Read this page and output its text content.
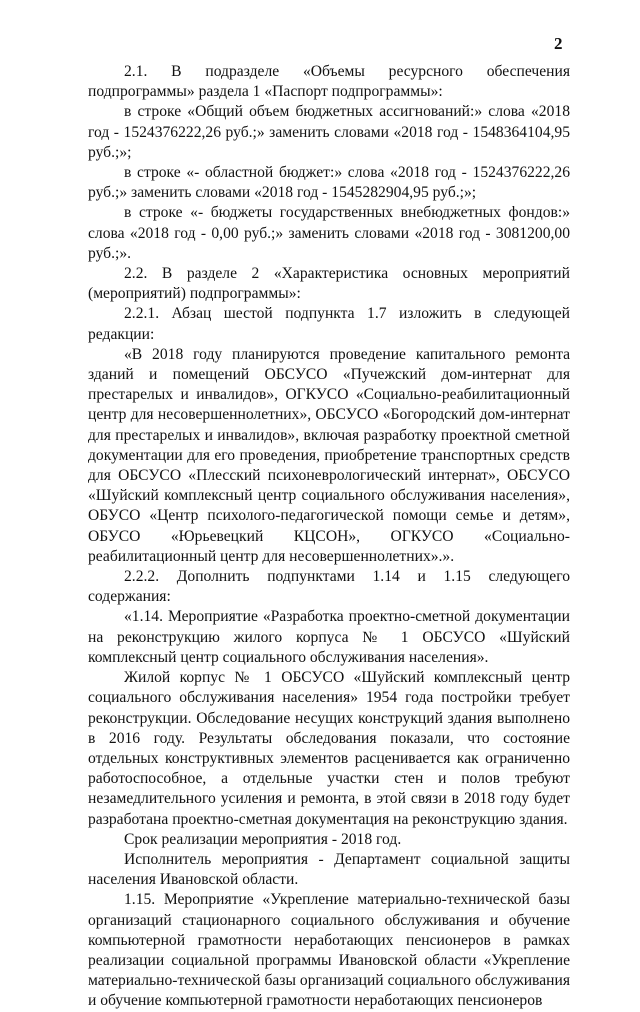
2

2.1. В подразделе «Объемы ресурсного обеспечения подпрограммы» раздела 1 «Паспорт подпрограммы»:

в строке «Общий объем бюджетных ассигнований:» слова «2018 год - 1524376222,26 руб.;» заменить словами «2018 год - 1548364104,95 руб.;»;

в строке «- областной бюджет:» слова «2018 год - 1524376222,26 руб.;» заменить словами «2018 год - 1545282904,95 руб.;»;

в строке «- бюджеты государственных внебюджетных фондов:» слова «2018 год - 0,00 руб.;» заменить словами «2018 год - 3081200,00 руб.;».

2.2. В разделе 2 «Характеристика основных мероприятий (мероприятий) подпрограммы»:

2.2.1. Абзац шестой подпункта 1.7 изложить в следующей редакции:

«В 2018 году планируются проведение капитального ремонта зданий и помещений ОБСУСО «Пучежский дом-интернат для престарелых и инвалидов», ОГКУСО «Социально-реабилитационный центр для несовершеннолетних», ОБСУСО «Богородский дом-интернат для престарелых и инвалидов», включая разработку проектной сметной документации для его проведения, приобретение транспортных средств для ОБСУСО «Плесский психоневрологический интернат», ОБСУСО «Шуйский комплексный центр социального обслуживания населения», ОБУСО «Центр психолого-педагогической помощи семье и детям», ОБУСО «Юрьевецкий КЦСОН», ОГКУСО «Социально-реабилитационный центр для несовершеннолетних».».

2.2.2. Дополнить подпунктами 1.14 и 1.15 следующего содержания:

«1.14. Мероприятие «Разработка проектно-сметной документации на реконструкцию жилого корпуса № 1 ОБСУСО «Шуйский комплексный центр социального обслуживания населения».

Жилой корпус № 1 ОБСУСО «Шуйский комплексный центр социального обслуживания населения» 1954 года постройки требует реконструкции. Обследование несущих конструкций здания выполнено в 2016 году. Результаты обследования показали, что состояние отдельных конструктивных элементов расценивается как ограниченно работоспособное, а отдельные участки стен и полов требуют незамедлительного усиления и ремонта, в этой связи в 2018 году будет разработана проектно-сметная документация на реконструкцию здания.

Срок реализации мероприятия - 2018 год.

Исполнитель мероприятия - Департамент социальной защиты населения Ивановской области.

1.15. Мероприятие «Укрепление материально-технической базы организаций стационарного социального обслуживания и обучение компьютерной грамотности неработающих пенсионеров в рамках реализации социальной программы Ивановской области «Укрепление материально-технической базы организаций социального обслуживания и обучение компьютерной грамотности неработающих пенсионеров
